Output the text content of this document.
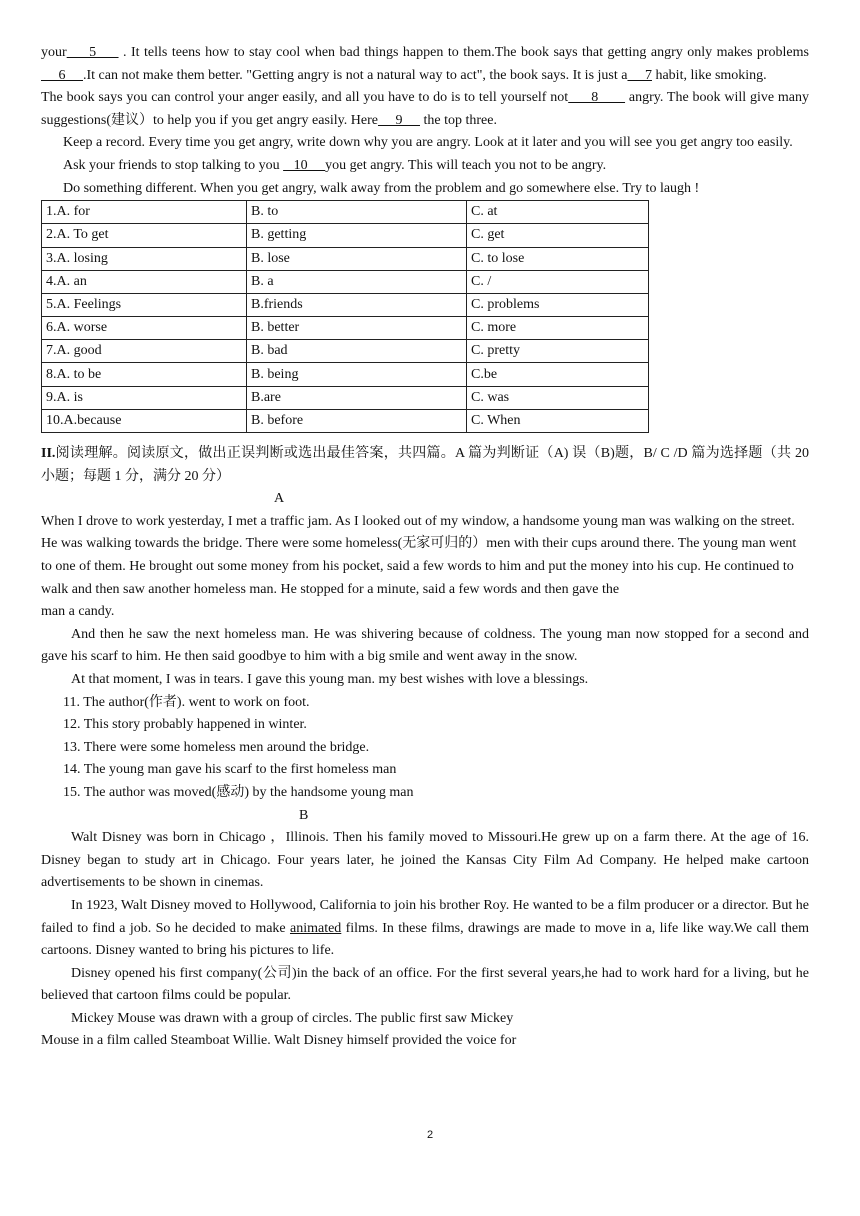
your     5      . It tells teens how to stay cool when bad things happen to them.The book says that getting angry only makes problems     6     .It can not make them better. "Getting angry is not a natural way to act", the book says. It is just a     7 habit, like smoking.

The book says you can control your anger easily, and all you have to do is to tell yourself not      8        angry. The book will give many suggestions(建议）to help you if you get angry easily. Here     9      the top three.

Keep a record. Every time you get angry, write down why you are angry. Look at it later and you will see you get angry too easily.

Ask your friends to stop talking to you    10     you get angry. This will teach you not to be angry.

Do something different. When you get angry, walk away from the problem and go somewhere else. Try to laugh !

1.A. for	B. to	C. at
2.A. To get	B. getting	C. get
3.A. losing	B. lose	C. to lose
4.A. an	B. a	C. /
5.A. Feelings	B.friends	C. problems
6.A. worse	B. better	C. more
7.A. good	B. bad	C. pretty
8.A. to be	B. being	C.be
9.A. is	B.are	C. was
10.A.because	B. before	C. When

II.阅读理解。阅读原文，做出正误判断或选出最佳答案，共四篇。A 篇为判断证（A) 误（B)题，B/ C /D 篇为选择题（共 20 小题；每题 1 分，满分 20 分）

A

When I drove to work yesterday, I met a traffic jam. As I looked out of my window, a handsome young man was walking on the street. He was walking towards the bridge. There were some homeless(无家可归的）men with their cups around there. The young man went to one of them. He brought out some money from his pocket, said a few words to him and put the money into his cup. He continued to walk and then saw another homeless man. He stopped for a minute, said a few words and then gave the

man a candy.

And then he saw the next homeless man. He was shivering because of coldness. The young man now stopped for a second and gave his scarf to him. He then said goodbye to him with a big smile and went away in the snow.

At that moment, I was in tears. I gave this young man. my best wishes with love a blessings.

11. The author(作者). went to work on foot.

12. This story probably happened in winter.

13. There were some homeless men around the bridge.

14. The young man gave his scarf to the first homeless man

15. The author was moved(感动) by the handsome young man

B

Walt Disney was born in Chicago ，Illinois. Then his family moved to Missouri.He grew up on a farm there. At the age of 16. Disney began to study art in Chicago. Four years later, he joined the Kansas City Film Ad Company. He helped make cartoon advertisements to be shown in cinemas.

In 1923, Walt Disney moved to Hollywood, California to join his brother Roy. He wanted to be a film producer or a director. But he failed to find a job. So he decided to make animated films. In these films, drawings are made to move in a, life like way.We call them cartoons. Disney wanted to bring his pictures to life.

Disney opened his first company(公司)in the back of an office. For the first several years,he had to work hard for a living, but he believed that cartoon films could be popular.

Mickey Mouse was drawn with a group of circles. The public first saw Mickey

Mouse in a film called Steamboat Willie. Walt Disney himself provided the voice for

2
